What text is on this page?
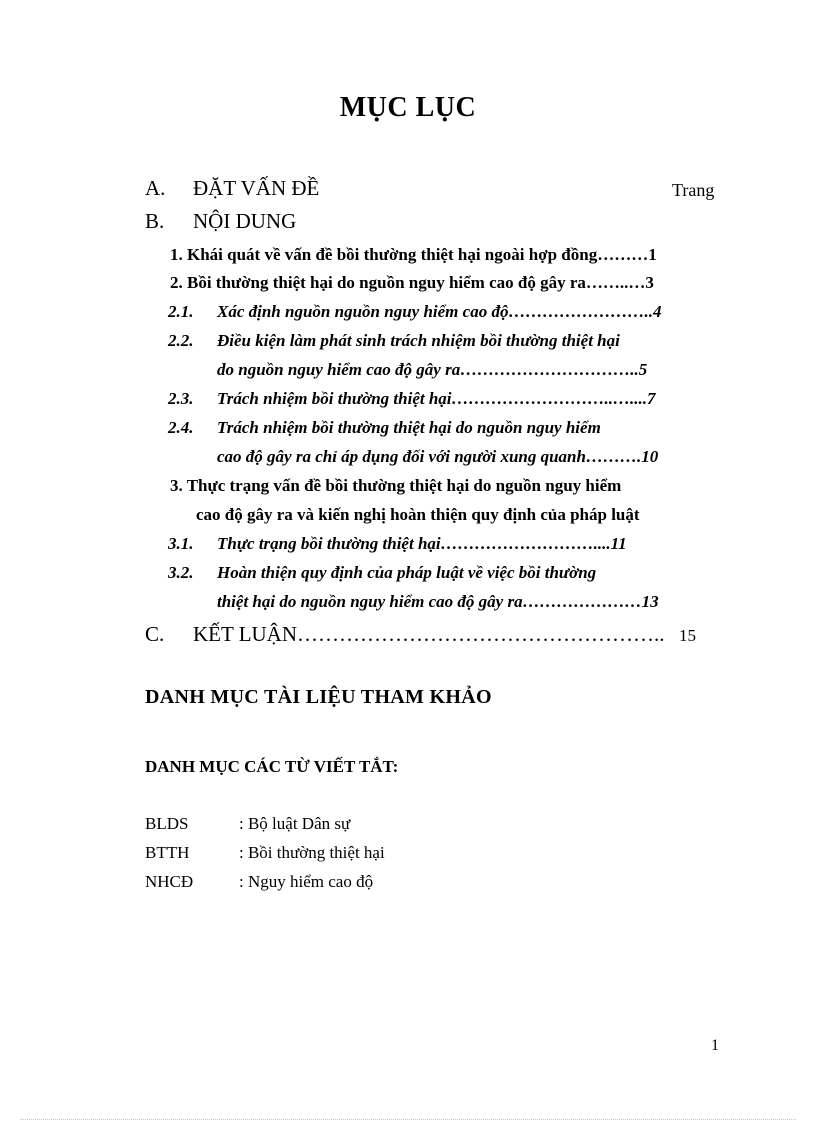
MỤC LỤC
A. ĐẶT VẤN ĐỀ	Trang
B. NỘI DUNG
1. Khái quát về vấn đề bồi thường thiệt hại ngoài hợp đồng………1
2. Bồi thường thiệt hại do nguồn nguy hiểm cao độ gây ra……..…3
2.1. Xác định nguồn nguồn nguy hiểm cao độ……………………..4
2.2. Điều kiện làm phát sinh trách nhiệm bồi thường thiệt hại
do nguồn nguy hiểm cao độ gây ra…………………………..5
2.3. Trách nhiệm bồi thường thiệt hại………………………..…....7
2.4. Trách nhiệm bồi thường thiệt hại do nguồn nguy hiểm
cao độ gây ra chỉ áp dụng đối với người xung quanh……….10
3. Thực trạng vấn đề bồi thường thiệt hại do nguồn nguy hiểm
cao độ gây ra và kiến nghị hoàn thiện quy định của pháp luật
3.1. Thực trạng bồi thường thiệt hại………………………....11
3.2. Hoàn thiện quy định của pháp luật về việc bồi thường
thiệt hại do nguồn nguy hiểm cao độ gây ra…………………13
C. KẾT LUẬN…………………………………………….. 15
DANH MỤC TÀI LIỆU THAM KHẢO
DANH MỤC CÁC TỪ VIẾT TẮT:
BLDS	: Bộ luật Dân sự
BTTH	: Bồi thường thiệt hại
NHCĐ	: Nguy hiểm cao độ
1
